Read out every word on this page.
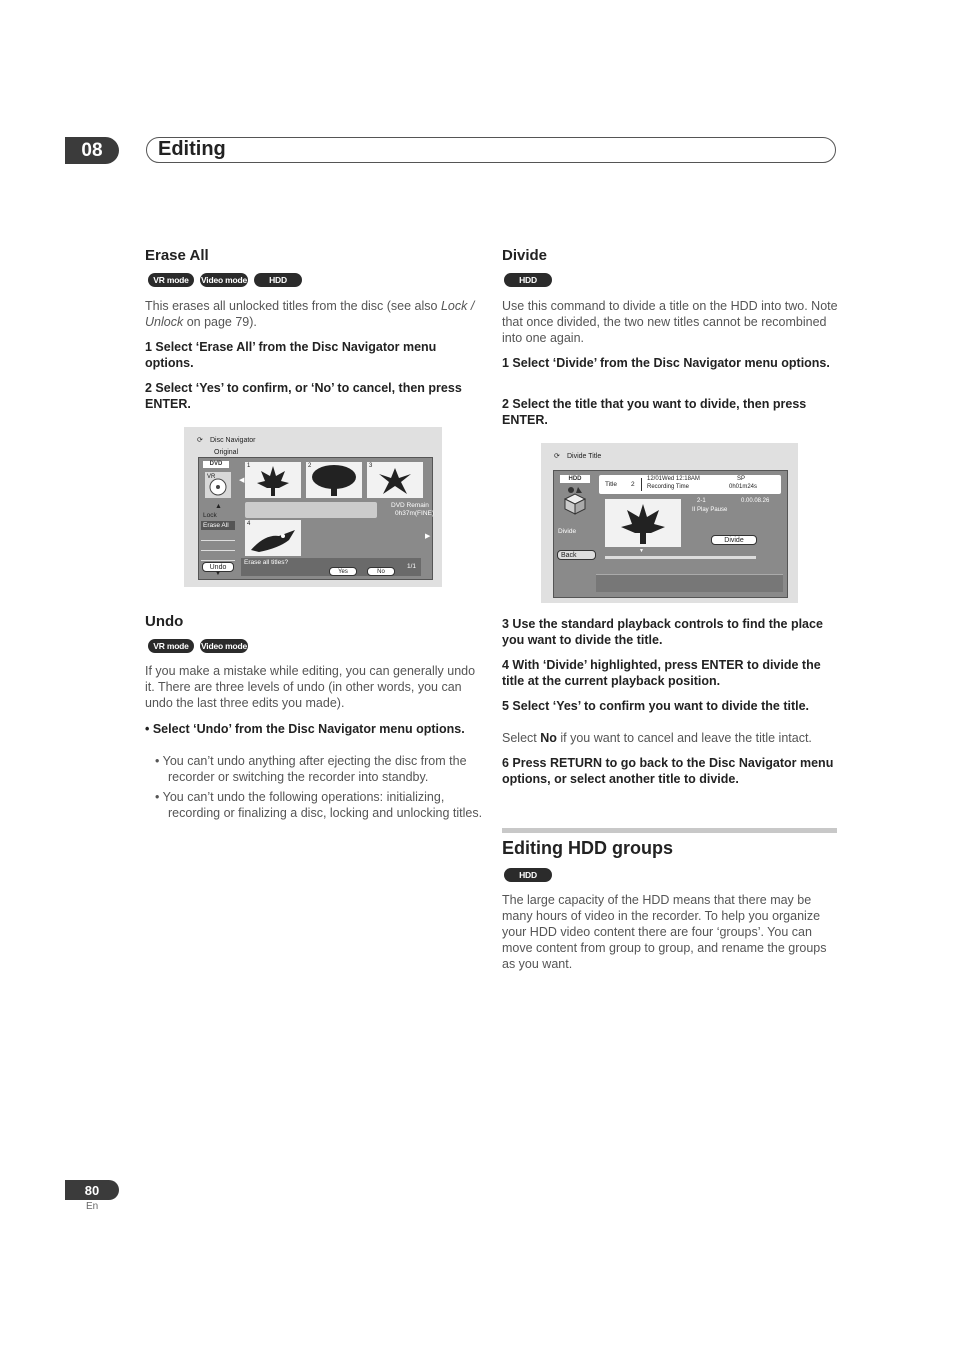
08	Editing
Erase All
VR mode	Video mode	HDD

This erases all unlocked titles from the disc (see also Lock / Unlock on page 79).

1 Select ‘Erase All’ from the Disc Navigator menu options.

2 Select ‘Yes’ to confirm, or ‘No’ to cancel, then press ENTER.

⟳ Disc Navigator
Original
DVD
VR
▲
Lock
Erase All
Undo
▼
1	2	3
◀
DVD Remain
0h37m(FINE)
4
▶
Erase all titles?
Yes	No
1/1
Undo
VR mode	Video mode

If you make a mistake while editing, you can generally undo it. There are three levels of undo (in other words, you can undo the last three edits you made).

• Select ‘Undo’ from the Disc Navigator menu options.

• You can’t undo anything after ejecting the disc from the recorder or switching the recorder into standby.

• You can’t undo the following operations: initializing, recording or finalizing a disc, locking and unlocking titles.

Divide
HDD

Use this command to divide a title on the HDD into two. Note that once divided, the two new titles cannot be recombined into one again.

1 Select ‘Divide’ from the Disc Navigator menu options.

2 Select the title that you want to divide, then press ENTER.

⟳ Divide Title
HDD
Title 2
12/01Wed 12:18AM
Recording Time
SP
0h01m24s
2-1	0.00.08.26
II Play Pause
Divide
Back
Divide
▼

3 Use the standard playback controls to find the place you want to divide the title.

4 With ‘Divide’ highlighted, press ENTER to divide the title at the current playback position.

5 Select ‘Yes’ to confirm you want to divide the title.

Select No if you want to cancel and leave the title intact.

6 Press RETURN to go back to the Disc Navigator menu options, or select another title to divide.

Editing HDD groups
HDD

The large capacity of the HDD means that there may be many hours of video in the recorder. To help you organize your HDD video content there are four ‘groups’. You can move content from group to group, and rename the groups as you want.

80
En
